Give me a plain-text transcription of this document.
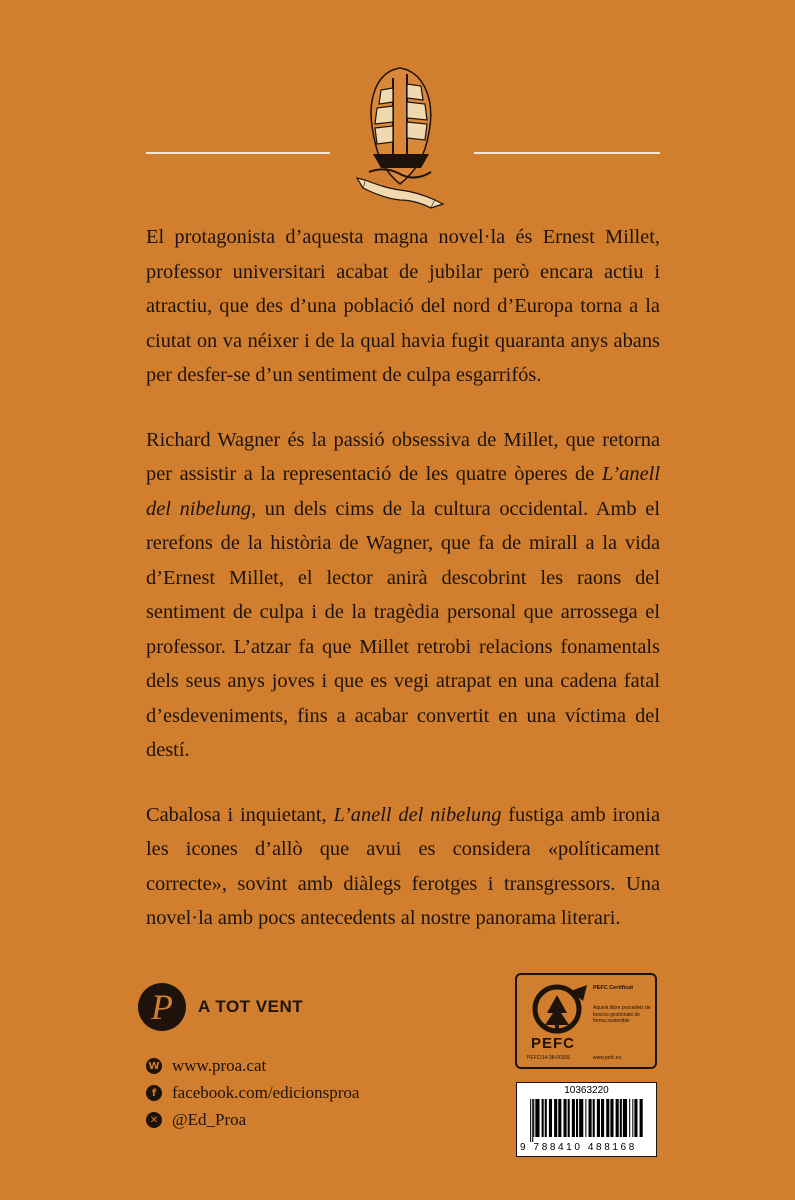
El protagonista d’aquesta magna novel·la és Ernest Millet, professor universitari acabat de jubilar però encara actiu i atractiu, que des d’una població del nord d’Europa torna a la ciutat on va néixer i de la qual havia fugit quaranta anys abans per desfer-se d’un sentiment de culpa esgarrifós.

Richard Wagner és la passió obsessiva de Millet, que retorna per assistir a la representació de les quatre òperes de L’anell del nibelung, un dels cims de la cultura occidental. Amb el rerefons de la història de Wagner, que fa de mirall a la vida d’Ernest Millet, el lector anirà descobrint les raons del sentiment de culpa i de la tragèdia personal que arrossega el professor. L’atzar fa que Millet retrobi relacions fonamentals dels seus anys joves i que es vegi atrapat en una cadena fatal d’esdeveniments, fins a acabar convertit en una víctima del destí.

Cabalosa i inquietant, L’anell del nibelung fustiga amb ironia les icones d’allò que avui es considera «políticament correcte», sovint amb diàlegs ferotges i transgressors. Una novel·la amb pocs antecedents al nostre panorama literari.

P	A TOT VENT
W www.proa.cat
f facebook.com/edicionsproa
✕ @Ed_Proa
PEFC
PEFC/14-38-00305
PEFC Certificat
Aquest llibre procedeix de boscos gestionats de forma sostenible
www.pefc.es
10363220
9 788410 488168
